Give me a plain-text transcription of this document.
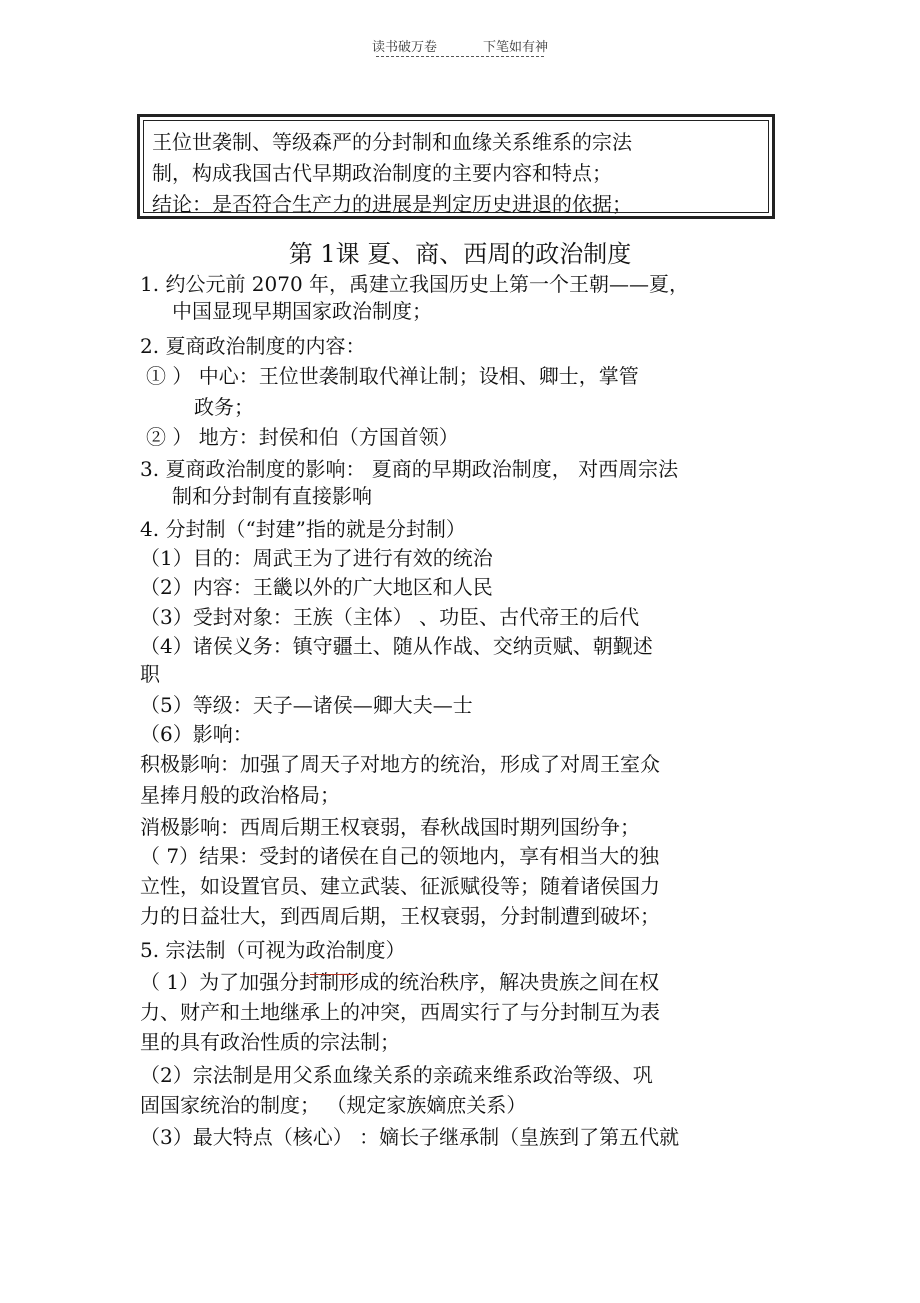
读书破万卷	下笔如有神
王位世袭制、等级森严的分封制和血缘关系维系的宗法
制，构成我国古代早期政治制度的主要内容和特点；
结论：是否符合生产力的进展是判定历史进退的依据；
第 1课 夏、商、西周的政治制度
1. 约公元前 2070 年，禹建立我国历史上第一个王朝——夏，
中国显现早期国家政治制度；
2. 夏商政治制度的内容：
① ） 中心：王位世袭制取代禅让制；设相、卿士，掌管
政务；
② ） 地方：封侯和伯（方国首领）
3. 夏商政治制度的影响： 夏商的早期政治制度， 对西周宗法
制和分封制有直接影响
4. 分封制（“封建”指的就是分封制）
（1）目的：周武王为了进行有效的统治
（2）内容：王畿以外的广大地区和人民
（3）受封对象：王族（主体） 、功臣、古代帝王的后代
（4）诸侯义务：镇守疆土、随从作战、交纳贡赋、朝觐述
职
（5）等级：天子—诸侯—卿大夫—士
（6）影响：
积极影响：加强了周天子对地方的统治，形成了对周王室众
星捧月般的政治格局；
消极影响：西周后期王权衰弱，春秋战国时期列国纷争；
（ 7）结果：受封的诸侯在自己的领地内，享有相当大的独
立性，如设置官员、建立武装、征派赋役等；随着诸侯国力
力的日益壮大，到西周后期，王权衰弱，分封制遭到破坏；
5. 宗法制（可视为政治制度）
（ 1）为了加强分封制形成的统治秩序，解决贵族之间在权
力、财产和土地继承上的冲突，西周实行了与分封制互为表
里的具有政治性质的宗法制；
（2）宗法制是用父系血缘关系的亲疏来维系政治等级、巩
固国家统治的制度； （规定家族嫡庶关系）
（3）最大特点（核心） ：嫡长子继承制（皇族到了第五代就
